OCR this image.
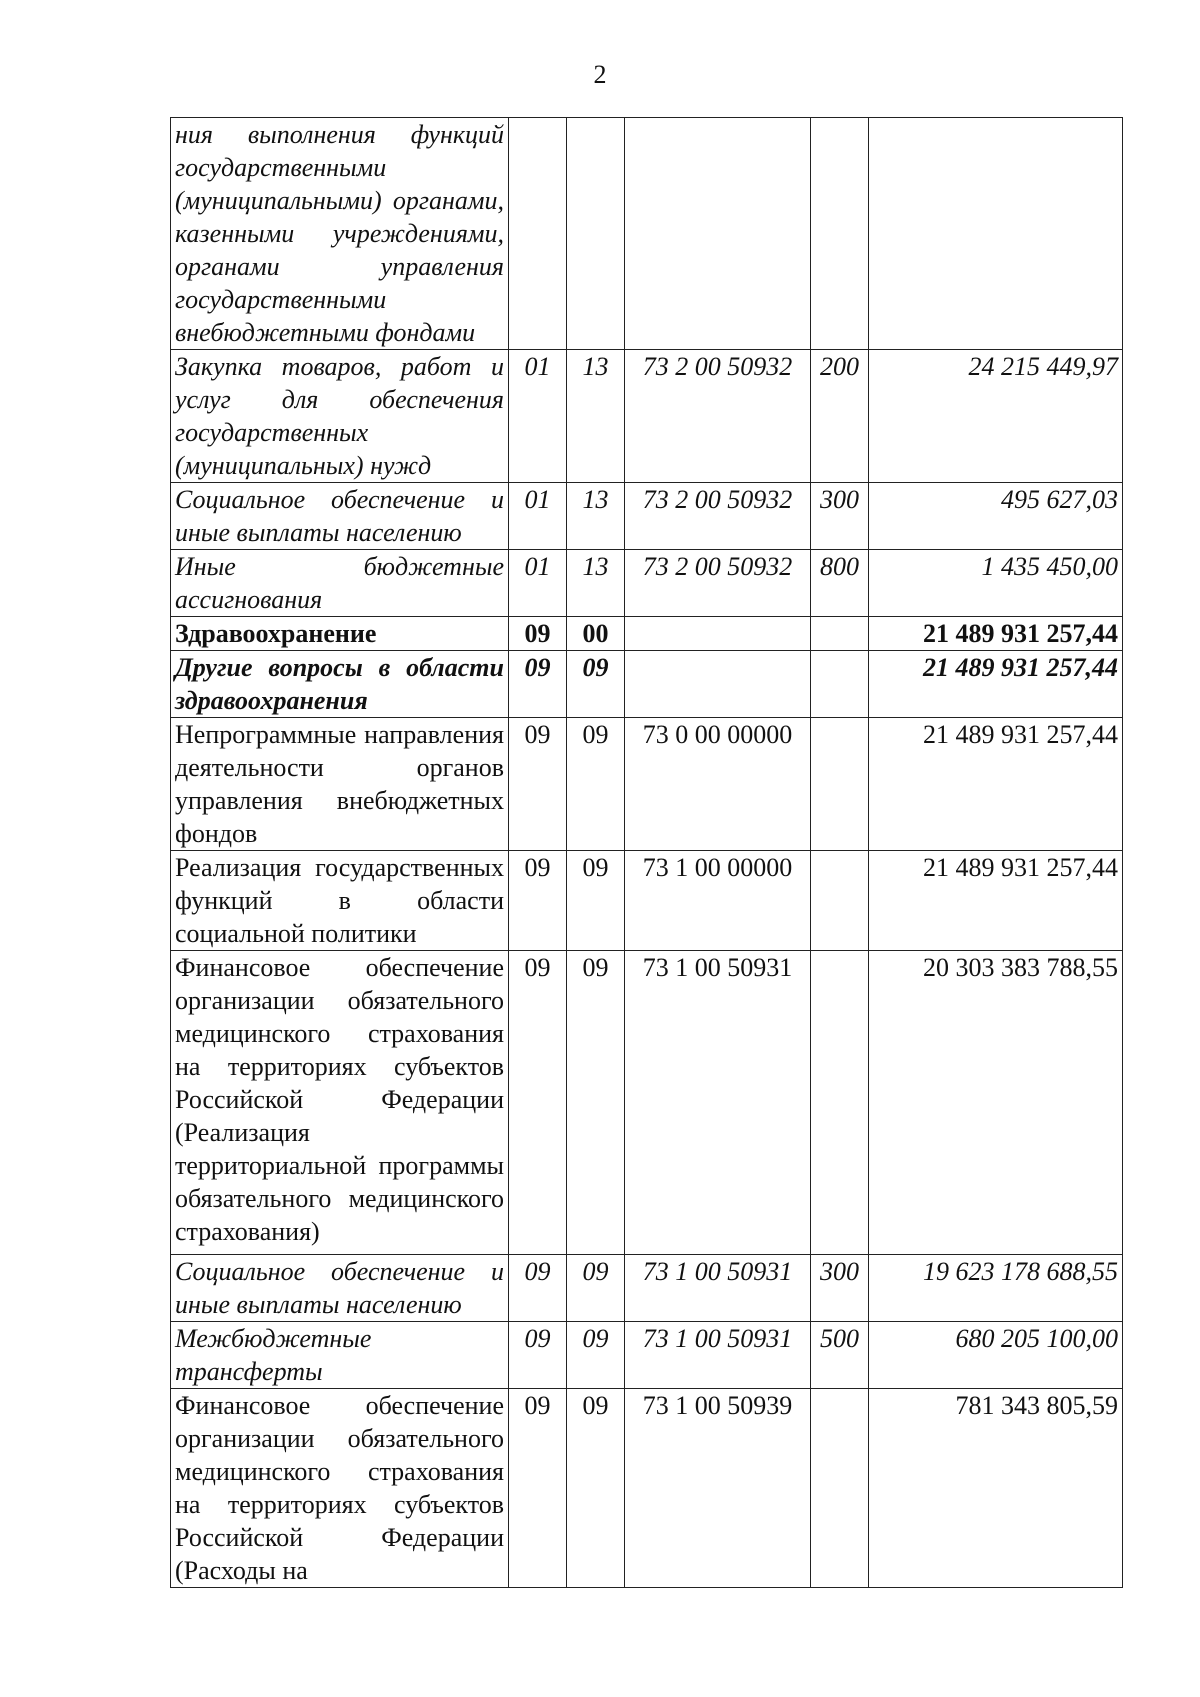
2
ния выполнения функций государственными (муниципальными) органами, казенными учреждениями, органами управления государственными внебюджетными фондами					
Закупка товаров, работ и услуг для обеспечения государственных (муниципальных) нужд	01	13	73 2 00 50932	200	24 215 449,97
Социальное обеспечение и иные выплаты населению	01	13	73 2 00 50932	300	495 627,03
Иные бюджетные ассигнования	01	13	73 2 00 50932	800	1 435 450,00
Здравоохранение	09	00			21 489 931 257,44
Другие вопросы в области здравоохранения	09	09			21 489 931 257,44
Непрограммные направления деятельности органов управления внебюджетных фондов	09	09	73 0 00 00000		21 489 931 257,44
Реализация государственных функций в области социальной политики	09	09	73 1 00 00000		21 489 931 257,44
Финансовое обеспечение организации обязательного медицинского страхования на территориях субъектов Российской Федерации (Реализация территориальной программы обязательного медицинского страхования)	09	09	73 1 00 50931		20 303 383 788,55
Социальное обеспечение и иные выплаты населению	09	09	73 1 00 50931	300	19 623 178 688,55
Межбюджетные трансферты	09	09	73 1 00 50931	500	680 205 100,00
Финансовое обеспечение организации обязательного медицинского страхования на территориях субъектов Российской Федерации (Расходы на	09	09	73 1 00 50939		781 343 805,59
